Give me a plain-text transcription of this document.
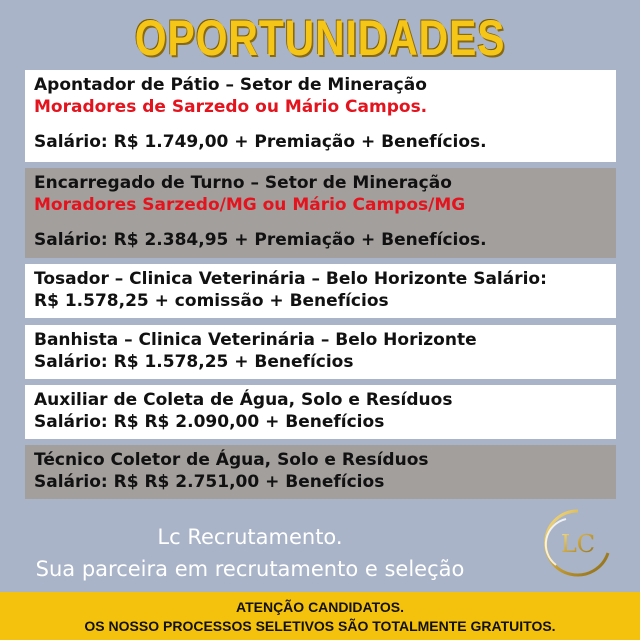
OPORTUNIDADES
Apontador de Pátio – Setor de Mineração
Moradores de Sarzedo ou Mário Campos.
Salário: R$ 1.749,00 + Premiação + Benefícios.
Encarregado de Turno – Setor de Mineração
Moradores Sarzedo/MG ou Mário Campos/MG
Salário: R$ 2.384,95 + Premiação + Benefícios.
Tosador – Clinica Veterinária – Belo Horizonte Salário:
R$ 1.578,25 + comissão + Benefícios
Banhista – Clinica Veterinária – Belo Horizonte
Salário: R$ 1.578,25 + Benefícios
Auxiliar de Coleta de Água, Solo e Resíduos
Salário: R$ R$ 2.090,00 + Benefícios
Técnico Coletor de Água, Solo e Resíduos
Salário: R$ R$ 2.751,00 + Benefícios
Lc Recrutamento.
Sua parceira em recrutamento e seleção
LC
ATENÇÃO CANDIDATOS.
OS NOSSO PROCESSOS SELETIVOS SÃO TOTALMENTE GRATUITOS.
